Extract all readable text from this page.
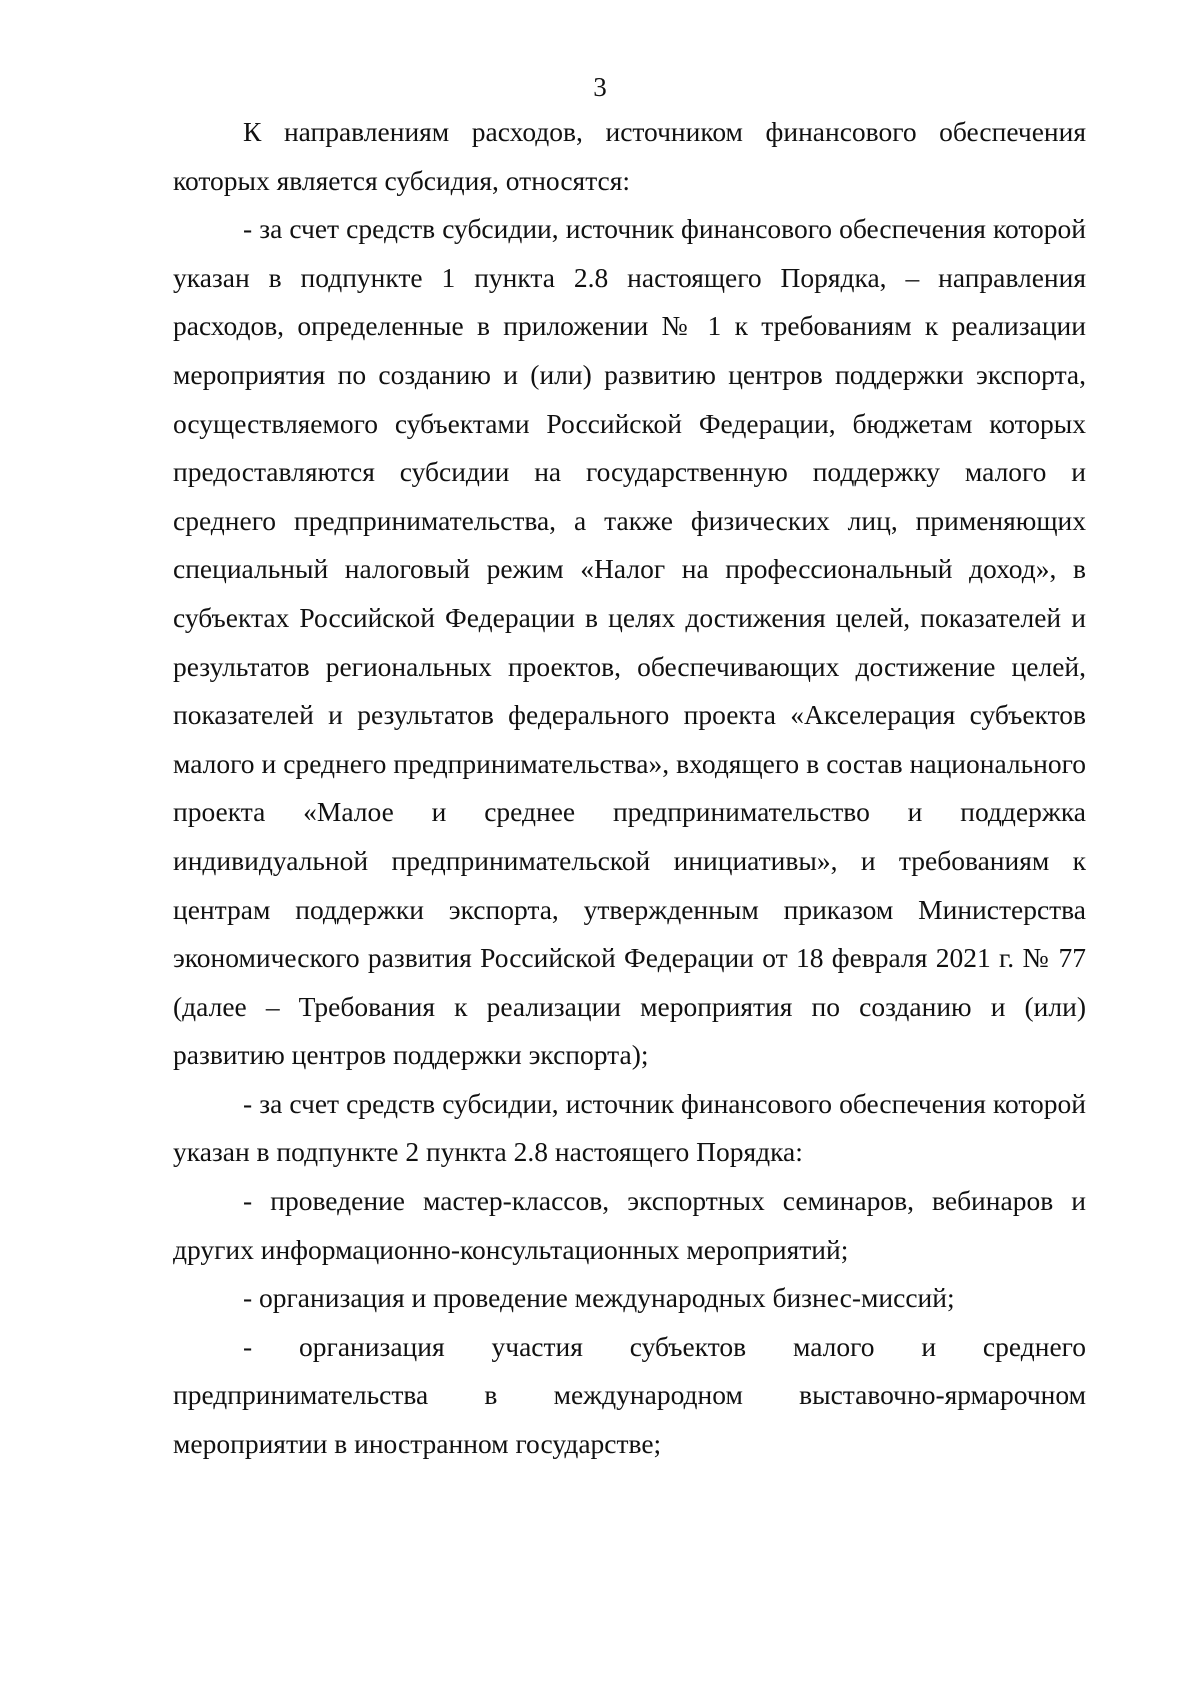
3

К направлениям расходов, источником финансового обеспечения которых является субсидия, относятся:

- за счет средств субсидии, источник финансового обеспечения которой указан в подпункте 1 пункта 2.8 настоящего Порядка, – направления расходов, определенные в приложении № 1 к требованиям к реализации мероприятия по созданию и (или) развитию центров поддержки экспорта, осуществляемого субъектами Российской Федерации, бюджетам которых предоставляются субсидии на государственную поддержку малого и среднего предпринимательства, а также физических лиц, применяющих специальный налоговый режим «Налог на профессиональный доход», в субъектах Российской Федерации в целях достижения целей, показателей и результатов региональных проектов, обеспечивающих достижение целей, показателей и результатов федерального проекта «Акселерация субъектов малого и среднего предпринимательства», входящего в состав национального проекта «Малое и среднее предпринимательство и поддержка индивидуальной предпринимательской инициативы», и требованиям к центрам поддержки экспорта, утвержденным приказом Министерства экономического развития Российской Федерации от 18 февраля 2021 г. № 77 (далее – Требования к реализации мероприятия по созданию и (или) развитию центров поддержки экспорта);

- за счет средств субсидии, источник финансового обеспечения которой указан в подпункте 2 пункта 2.8 настоящего Порядка:

- проведение мастер-классов, экспортных семинаров, вебинаров и других информационно-консультационных мероприятий;

- организация и проведение международных бизнес-миссий;

- организация участия субъектов малого и среднего предпринимательства в международном выставочно-ярмарочном мероприятии в иностранном государстве;
